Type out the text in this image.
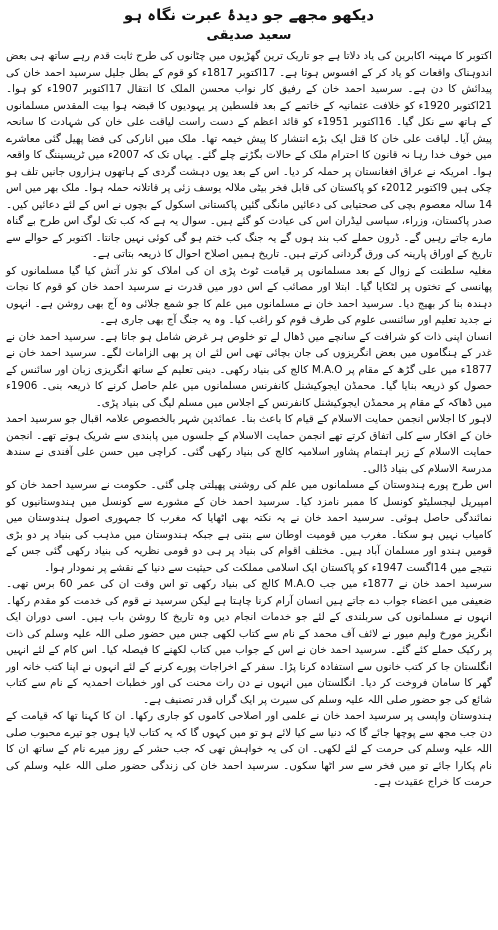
دیکھو مجھے جو دیدۂ عبرت نگاہ ہو
سعید صدیقی

اکتوبر کا مہینہ اکابرین کی یاد دلاتا ہے جو تاریک ترین گھڑیوں میں چٹانوں کی طرح ثابت قدم رہے ساتھ ہی بعض اندوہناک واقعات کو یاد کر کے افسوس ہوتا ہے۔ 17اکتوبر 1817ء کو قوم کے بطل جلیل سرسید احمد خان کی پیدائش کا دن ہے۔ سرسید احمد خان کے رفیق کار نواب محسن الملک کا انتقال 17اکتوبر 1907ء کو ہوا۔ 21اکتوبر 1920ء کو خلافت عثمانیہ کے خاتمے کے بعد فلسطین پر یہودیوں کا قبضہ ہوا بیت المقدس مسلمانوں کے ہاتھ سے نکل گیا۔ 16اکتوبر 1951ء کو قائد اعظم کے دست راست لیاقت علی خان کی شہادت کا سانحہ پیش آیا۔ لیاقت علی خان کا قتل ایک بڑے انتشار کا پیش خیمہ تھا۔ ملک میں انارکی کی فضا پھیل گئی معاشرے میں خوف خدا رہا نہ قانون کا احترام ملک کے حالات بگڑتے چلے گئے۔ یہاں تک کہ 2007ء میں ٹریسیننگ کا واقعہ ہوا۔ امریکہ نے عراق افغانستان پر حملہ کر دیا۔ اس کے بعد یوں دہشت گردی کے ہاتھوں ہزاروں جانیں تلف ہو چکی ہیں 9اکتوبر 2012ء کو پاکستان کی قابل فخر بیٹی ملالہ یوسف زئی پر قاتلانہ حملہ ہوا۔ ملک بھر میں اس 14 سالہ معصوم بچی کی صحتیابی کی دعائیں مانگی گئیں پاکستانی اسکول کے بچوں نے اس کے لئے دعائیں کیں۔ صدر پاکستان، وزراء، سیاسی لیڈران اس کی عیادت کو گئے ہیں۔ سوال یہ ہے کہ کب تک لوگ اس طرح بے گناہ مارے جاتے رہیں گے۔ ڈرون حملے کب بند ہوں گے یہ جنگ کب ختم ہو گی کوئی نہیں جانتا۔ اکتوبر کے حوالے سے تاریخ کے اوراق پارینہ کی ورق گردانی کرتے ہیں۔ تاریخ ہمیں اصلاح احوال کا ذریعہ بتاتی ہے۔

مغلیہ سلطنت کے زوال کے بعد مسلمانوں پر قیامت ٹوٹ پڑی ان کی املاک کو نذر آتش کیا گیا مسلمانوں کو پھانسی کے تختوں پر لٹکایا گیا۔ ابتلا اور مصائب کے اس دور میں قدرت نے سرسید احمد خان کو قوم کا نجات دہندہ بنا کر بھیج دیا۔ سرسید احمد خان نے مسلمانوں میں علم کا جو شمع جلائی وہ آج بھی روشن ہے۔ انہوں نے جدید تعلیم اور سائنسی علوم کی طرف قوم کو راغب کیا۔ وہ یہ جنگ آج بھی جاری ہے۔

انسان اپنی ذات کو شرافت کے سانچے میں ڈھال لے تو خلوص ہر غرض شامل ہو جاتا ہے۔ سرسید احمد خان نے غدر کے ہنگاموں میں بعض انگریزوں کی جان بچائی تھی اس لئے ان پر بھی الزامات لگے۔ سرسید احمد خان نے 1877ء میں علی گڑھ کے مقام پر M.A.O کالج کی بنیاد رکھی۔ دینی تعلیم کے ساتھ انگریزی زبان اور سائنس کے حصول کو ذریعہ بنایا گیا۔ محمڈن ایجوکیشنل کانفرنس مسلمانوں میں علم حاصل کرنے کا ذریعہ بنی۔ 1906ء میں ڈھاکہ کے مقام پر محمڈن ایجوکیشنل کانفرنس کے اجلاس میں مسلم لیگ کی بنیاد پڑی۔

لاہور کا اجلاس انجمن حمایت الاسلام کے قیام کا باعث بنا۔ عمائدین شہر بالخصوص علامہ اقبال جو سرسید احمد خان کے افکار سے کلی اتفاق کرتے تھے انجمن حمایت الاسلام کے جلسوں میں پابندی سے شریک ہوتے تھے۔ انجمن حمایت الاسلام کے زیر اہتمام پشاور اسلامیہ کالج کی بنیاد رکھی گئی۔ کراچی میں حسن علی آفندی نے سندھ مدرسۃ الاسلام کی بنیاد ڈالی۔

اس طرح پورے ہندوستان کے مسلمانوں میں علم کی روشنی پھیلتی چلی گئی۔ حکومت نے سرسید احمد خان کو امپیریل لیجسلیٹو کونسل کا ممبر نامزد کیا۔ سرسید احمد خان کے مشورے سے کونسل میں ہندوستانیوں کو نمائندگی حاصل ہوئی۔ سرسید احمد خان نے یہ نکتہ بھی اٹھایا کہ مغرب کا جمہوری اصول ہندوستان میں کامیاب نہیں ہو سکتا۔ مغرب میں قومیت اوطان سے بنتی ہے جبکہ ہندوستان میں مذہب کی بنیاد پر دو بڑی قومیں ہندو اور مسلمان آباد ہیں۔ مختلف اقوام کی بنیاد پر ہی دو قومی نظریہ کی بنیاد رکھی گئی جس کے نتیجے میں 14اگست 1947ء کو پاکستان ایک اسلامی مملکت کی حیثیت سے دنیا کے نقشے پر نمودار ہوا۔

سرسید احمد خان نے 1877ء میں جب M.A.O کالج کی بنیاد رکھی تو اس وقت ان کی عمر 60 برس تھی۔ ضعیفی میں اعضاء جواب دے جاتے ہیں انسان آرام کرنا چاہتا ہے لیکن سرسید نے قوم کی خدمت کو مقدم رکھا۔ انہوں نے مسلمانوں کی سربلندی کے لئے جو خدمات انجام دیں وہ تاریخ کا روشن باب ہیں۔ اسی دوران ایک انگریز مورخ ولیم میور نے لائف آف محمد کے نام سے کتاب لکھی جس میں حضور صلی اللہ علیہ وسلم کی ذات پر رکیک حملے کئے گئے۔ سرسید احمد خان نے اس کے جواب میں کتاب لکھنے کا فیصلہ کیا۔ اس کام کے لئے انہیں انگلستان جا کر کتب خانوں سے استفادہ کرنا پڑا۔ سفر کے اخراجات پورے کرنے کے لئے انہوں نے اپنا کتب خانہ اور گھر کا سامان فروخت کر دیا۔ انگلستان میں انہوں نے دن رات محنت کی اور خطبات احمدیہ کے نام سے کتاب شائع کی جو حضور صلی اللہ علیہ وسلم کی سیرت پر ایک گراں قدر تصنیف ہے۔

ہندوستان واپسی پر سرسید احمد خان نے علمی اور اصلاحی کاموں کو جاری رکھا۔ ان کا کہنا تھا کہ قیامت کے دن جب مجھ سے پوچھا جائے گا کہ دنیا سے کیا لائے ہو تو میں کہوں گا کہ یہ کتاب لایا ہوں جو تیرے محبوب صلی اللہ علیہ وسلم کی حرمت کے لئے لکھی۔ ان کی یہ خواہش تھی کہ جب حشر کے روز میرے نام کے ساتھ ان کا نام پکارا جائے تو میں فخر سے سر اٹھا سکوں۔ سرسید احمد خان کی زندگی حضور صلی اللہ علیہ وسلم کی حرمت کا خراج عقیدت ہے۔
